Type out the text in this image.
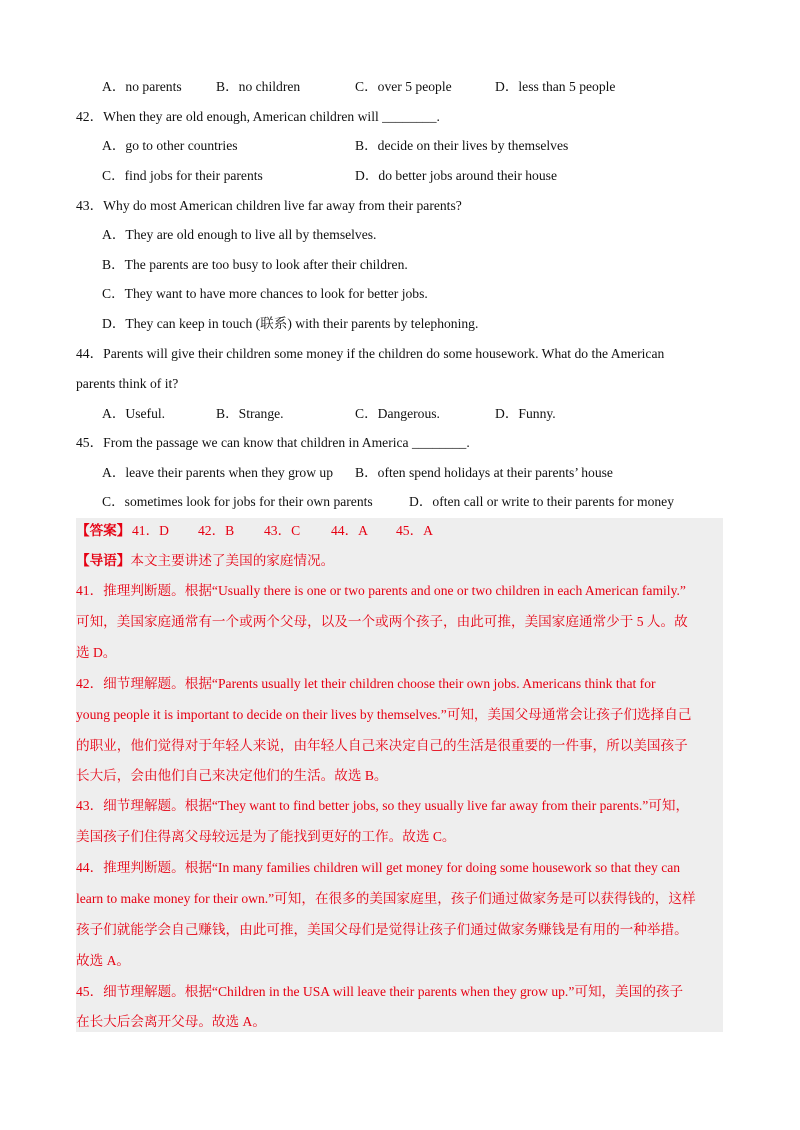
A．no parents	B．no children	C．over 5 people	D．less than 5 people
42．When they are old enough, American children will ________.
A．go to other countries	B．decide on their lives by themselves
C．find jobs for their parents	D．do better jobs around their house
43．Why do most American children live far away from their parents?
A．They are old enough to live all by themselves.
B．The parents are too busy to look after their children.
C．They want to have more chances to look for better jobs.
D．They can keep in touch (联系) with their parents by telephoning.
44．Parents will give their children some money if the children do some housework. What do the American
parents think of it?
A．Useful.	B．Strange.	C．Dangerous.	D．Funny.
45．From the passage we can know that children in America ________.
A．leave their parents when they grow up B．often spend holidays at their parents’ house
C．sometimes look for jobs for their own parents	D．often call or write to their parents for money
【答案】 41．D 42．B 43．C 44．A 45．A
【导语】本文主要讲述了美国的家庭情况。
41．推理判断题。根据“Usually there is one or two parents and one or two children in each American family.”
可知，美国家庭通常有一个或两个父母，以及一个或两个孩子，由此可推，美国家庭通常少于 5 人。故
选 D。
42．细节理解题。根据“Parents usually let their children choose their own jobs. Americans think that for
young people it is important to decide on their lives by themselves.”可知，美国父母通常会让孩子们选择自己
的职业，他们觉得对于年轻人来说，由年轻人自己来决定自己的生活是很重要的一件事，所以美国孩子
长大后，会由他们自己来决定他们的生活。故选 B。
43．细节理解题。根据“They want to find better jobs, so they usually live far away from their parents.”可知，
美国孩子们住得离父母较远是为了能找到更好的工作。故选 C。
44．推理判断题。根据“In many families children will get money for doing some housework so that they can
learn to make money for their own.”可知，在很多的美国家庭里，孩子们通过做家务是可以获得钱的，这样
孩子们就能学会自己赚钱，由此可推，美国父母们是觉得让孩子们通过做家务赚钱是有用的一种举措。
故选 A。
45．细节理解题。根据“Children in the USA will leave their parents when they grow up.”可知，美国的孩子
在长大后会离开父母。故选 A。
